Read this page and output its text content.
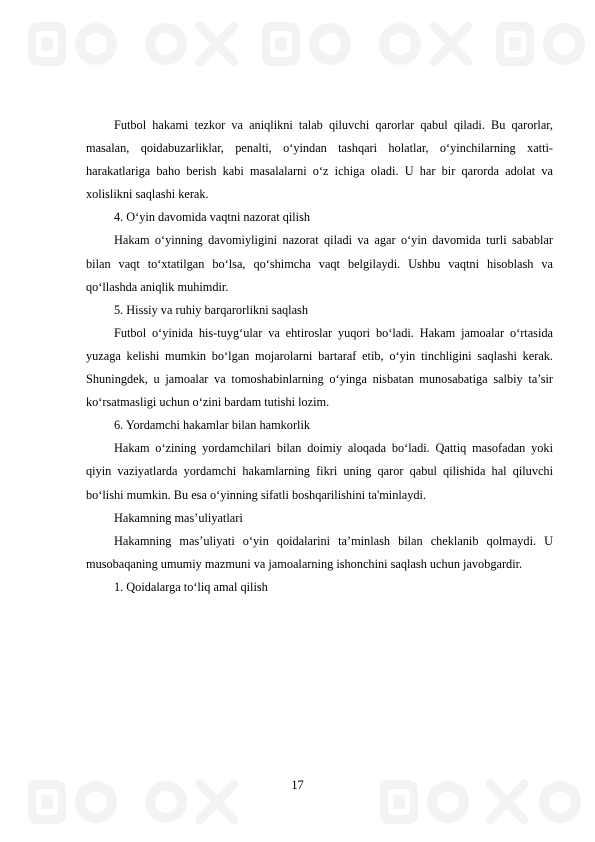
Futbol hakami tezkor va aniqlikni talab qiluvchi qarorlar qabul qiladi. Bu qarorlar, masalan, qoidabuzarliklar, penalti, o‘yindan tashqari holatlar, o‘yinchilarning xatti-harakatlariga baho berish kabi masalalarni o‘z ichiga oladi. U har bir qarorda adolat va xolislikni saqlashi kerak.

4. O‘yin davomida vaqtni nazorat qilish

Hakam o‘yinning davomiyligini nazorat qiladi va agar o‘yin davomida turli sabablar bilan vaqt to‘xtatilgan bo‘lsa, qo‘shimcha vaqt belgilaydi. Ushbu vaqtni hisoblash va qo‘llashda aniqlik muhimdir.

5. Hissiy va ruhiy barqarorlikni saqlash

Futbol o‘yinida his-tuyg‘ular va ehtiroslar yuqori bo‘ladi. Hakam jamoalar o‘rtasida yuzaga kelishi mumkin bo‘lgan mojarolarni bartaraf etib, o‘yin tinchligini saqlashi kerak. Shuningdek, u jamoalar va tomoshabinlarning o‘yinga nisbatan munosabatiga salbiy ta’sir ko‘rsatmasligi uchun o‘zini bardam tutishi lozim.

6. Yordamchi hakamlar bilan hamkorlik

Hakam o‘zining yordamchilari bilan doimiy aloqada bo‘ladi. Qattiq masofadan yoki qiyin vaziyatlarda yordamchi hakamlarning fikri uning qaror qabul qilishida hal qiluvchi bo‘lishi mumkin. Bu esa o‘yinning sifatli boshqarilishini ta'minlaydi.

Hakamning mas’uliyatlari

Hakamning mas’uliyati o‘yin qoidalarini ta’minlash bilan cheklanib qolmaydi. U musobaqaning umumiy mazmuni va jamoalarning ishonchini saqlash uchun javobgardir.

1. Qoidalarga to‘liq amal qilish

17
